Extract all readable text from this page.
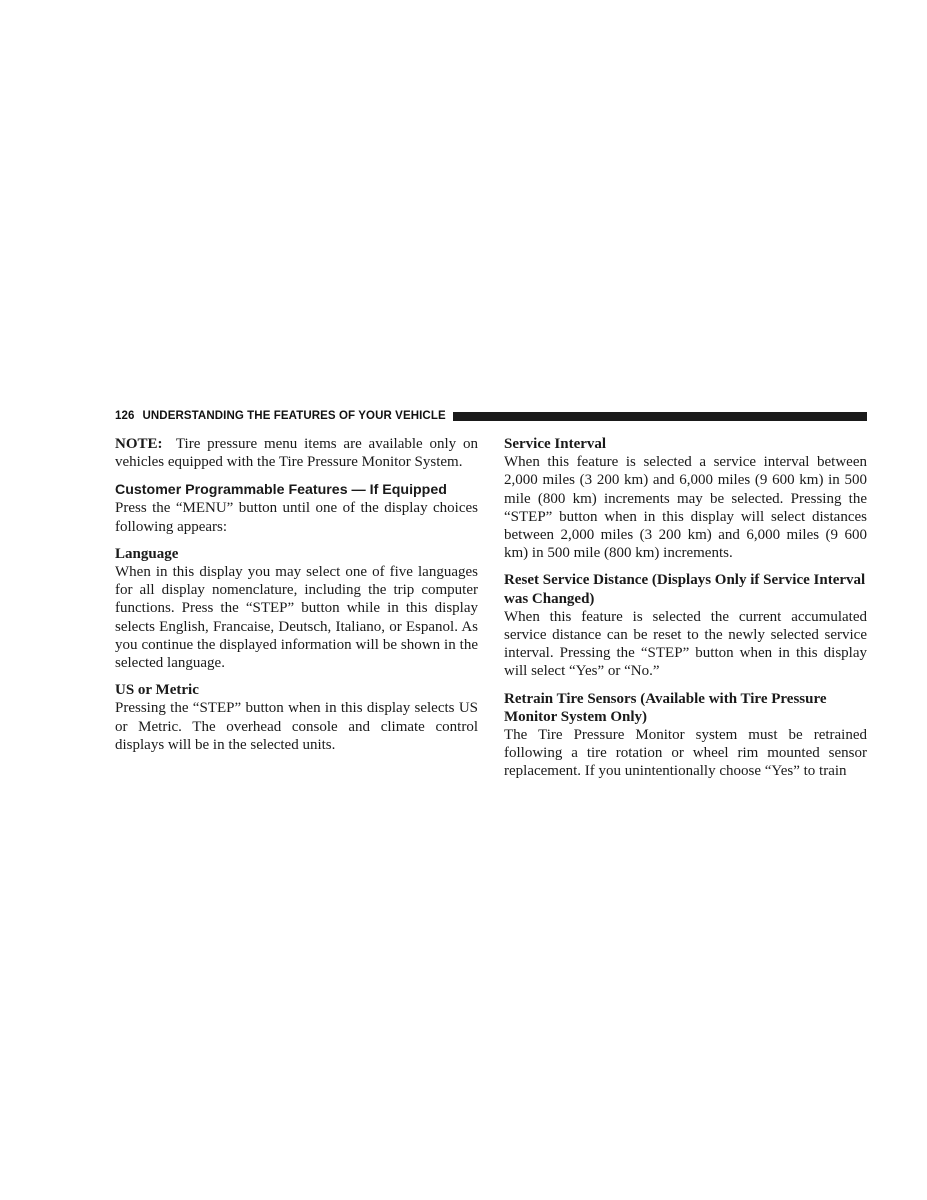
126 UNDERSTANDING THE FEATURES OF YOUR VEHICLE

NOTE: Tire pressure menu items are available only on vehicles equipped with the Tire Pressure Monitor System.

Customer Programmable Features — If Equipped

Press the “MENU” button until one of the display choices following appears:

Language

When in this display you may select one of five languages for all display nomenclature, including the trip computer functions. Press the “STEP” button while in this display selects English, Francaise, Deutsch, Italiano, or Espanol. As you continue the displayed information will be shown in the selected language.

US or Metric

Pressing the “STEP” button when in this display selects US or Metric. The overhead console and climate control displays will be in the selected units.

Service Interval

When this feature is selected a service interval between 2,000 miles (3 200 km) and 6,000 miles (9 600 km) in 500 mile (800 km) increments may be selected. Pressing the “STEP” button when in this display will select distances between 2,000 miles (3 200 km) and 6,000 miles (9 600 km) in 500 mile (800 km) increments.

Reset Service Distance (Displays Only if Service Interval was Changed)

When this feature is selected the current accumulated service distance can be reset to the newly selected service interval. Pressing the “STEP” button when in this display will select “Yes” or “No.”

Retrain Tire Sensors (Available with Tire Pressure Monitor System Only)

The Tire Pressure Monitor system must be retrained following a tire rotation or wheel rim mounted sensor replacement. If you unintentionally choose “Yes” to train
